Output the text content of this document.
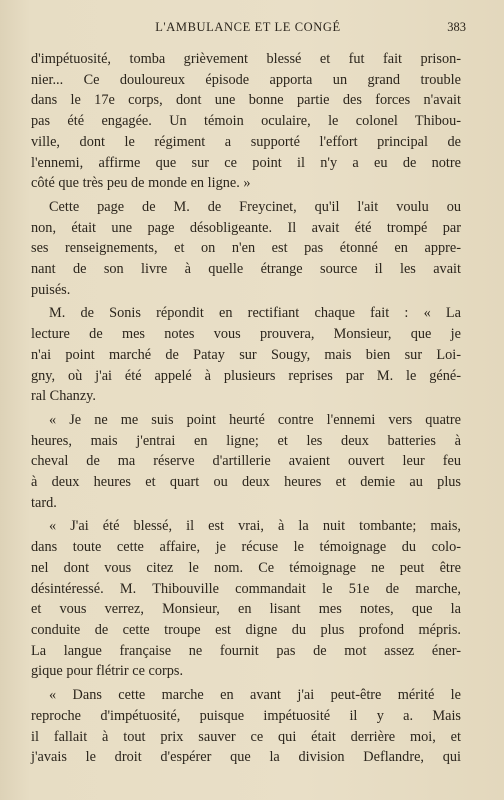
L'AMBULANCE ET LE CONGÉ	383

d'impétuosité, tomba grièvement blessé et fut fait prison-
nier... Ce douloureux épisode apporta un grand trouble
dans le 17e corps, dont une bonne partie des forces n'avait
pas été engagée. Un témoin oculaire, le colonel Thibou-
ville, dont le régiment a supporté l'effort principal de
l'ennemi, affirme que sur ce point il n'y a eu de notre
côté que très peu de monde en ligne. »

Cette page de M. de Freycinet, qu'il l'ait voulu ou
non, était une page désobligeante. Il avait été trompé par
ses renseignements, et on n'en est pas étonné en appre-
nant de son livre à quelle étrange source il les avait
puisés.

M. de Sonis répondit en rectifiant chaque fait : « La
lecture de mes notes vous prouvera, Monsieur, que je
n'ai point marché de Patay sur Sougy, mais bien sur Loi-
gny, où j'ai été appelé à plusieurs reprises par M. le géné-
ral Chanzy.

« Je ne me suis point heurté contre l'ennemi vers quatre
heures, mais j'entrai en ligne; et les deux batteries à
cheval de ma réserve d'artillerie avaient ouvert leur feu
à deux heures et quart ou deux heures et demie au plus
tard.

« J'ai été blessé, il est vrai, à la nuit tombante; mais,
dans toute cette affaire, je récuse le témoignage du colo-
nel dont vous citez le nom. Ce témoignage ne peut être
désintéressé. M. Thibouville commandait le 51e de marche,
et vous verrez, Monsieur, en lisant mes notes, que la
conduite de cette troupe est digne du plus profond mépris.
La langue française ne fournit pas de mot assez éner-
gique pour flétrir ce corps.

« Dans cette marche en avant j'ai peut-être mérité le
reproche d'impétuosité, puisque impétuosité il y a. Mais
il fallait à tout prix sauver ce qui était derrière moi, et
j'avais le droit d'espérer que la division Deflandre, qui
